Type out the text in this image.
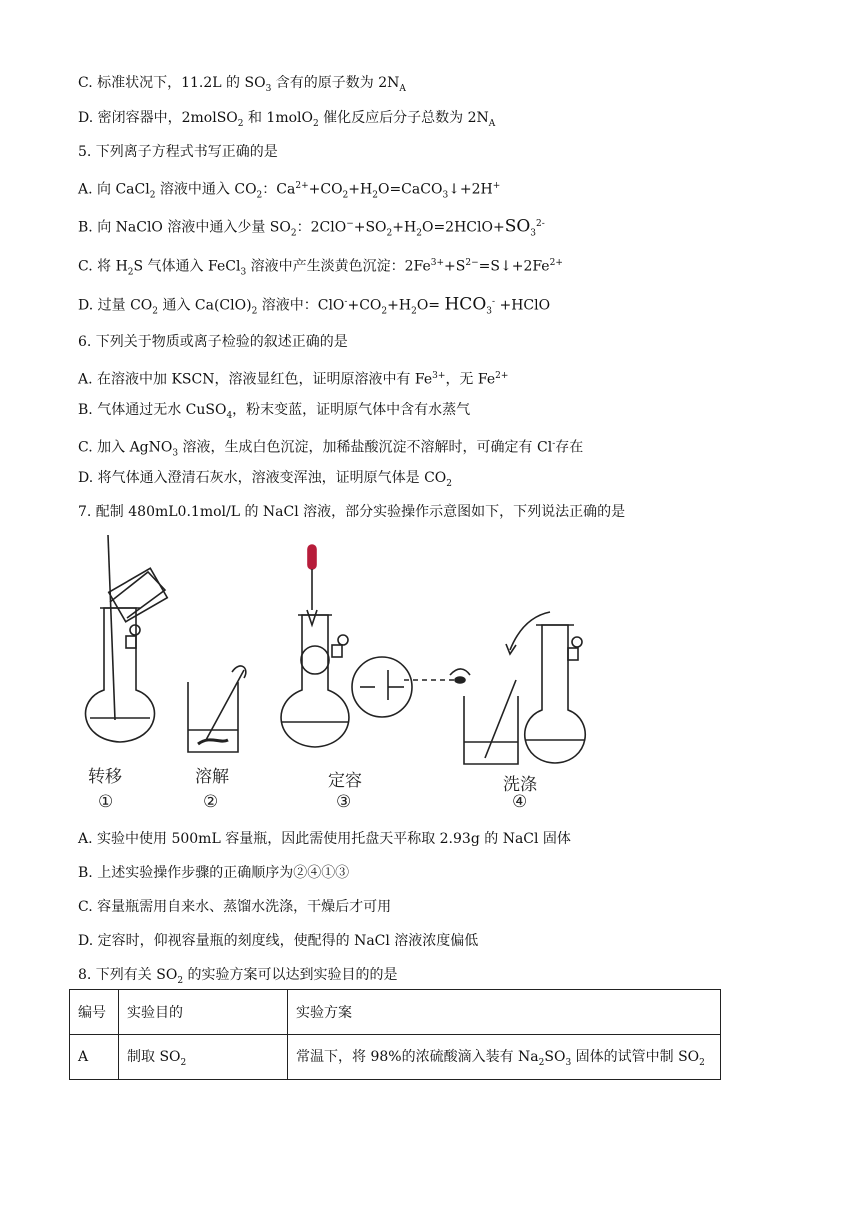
C. 标准状况下，11.2L 的 $SO_3$ 含有的原子数为 $2N_A$
D. 密闭容器中，2molSO$_2$ 和 1molO$_2$ 催化反应后分子总数为 $2N_A$
5. 下列离子方程式书写正确的是
A. 向 CaCl$_2$ 溶液中通入 $CO_2$：$Ca^{2+}+CO_2+H_2O=CaCO_3↓+2H^+$
B. 向 NaClO 溶液中通入少量 $SO_2$：$2ClO^-+SO_2+H_2O=2HClO+SO_3^{2-}$
C. 将 $H_2S$ 气体通入 FeCl$_3$ 溶液中产生淡黄色沉淀：$2Fe^{3+}+S^{2-}=S↓+2Fe^{2+}$
D. 过量 $CO_2$ 通入 $Ca(ClO)_2$ 溶液中：$ClO^-+CO_2+H_2O= HCO_3^-$ +HClO
6. 下列关于物质或离子检验的叙述正确的是
A. 在溶液中加 KSCN，溶液显红色，证明原溶液中有 $Fe^{3+}$，无 $Fe^{2+}$
B. 气体通过无水 CuSO$_4$，粉末变蓝，证明原气体中含有水蒸气
C. 加入 AgNO$_3$ 溶液，生成白色沉淀，加稀盐酸沉淀不溶解时，可确定有 Cl-存在
D. 将气体通入澄清石灰水，溶液变浑浊，证明原气体是 $CO_2$
7. 配制 480mL0.1mol/L 的 NaCl 溶液，部分实验操作示意图如下，下列说法正确的是
A. 实验中使用 500mL 容量瓶，因此需使用托盘天平称取 2.93g 的 NaCl 固体
B. 上述实验操作步骤的正确顺序为②④①③
C. 容量瓶需用自来水、蒸馏水洗涤，干燥后才可用
D. 定容时，仰视容量瓶的刻度线，使配得的 NaCl 溶液浓度偏低
8. 下列有关 $SO_2$ 的实验方案可以达到实验目的的是
转移
①
溶解
②
定容
③
洗涤
④
编号	实验目的	实验方案
A	制取 $SO_2$	常温下，将 98%的浓硫酸滴入装有 $Na_2SO_3$ 固体的试管中制 $SO_2$
